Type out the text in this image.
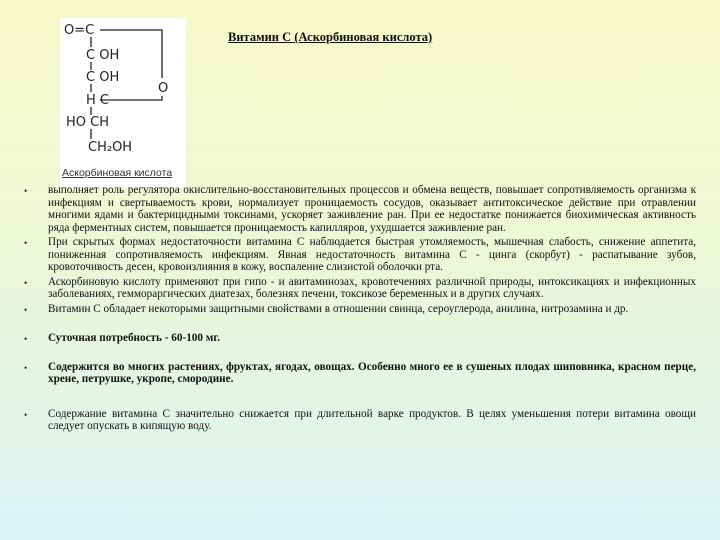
O=C
C OH
C OH
H C
HO CH
CH₂OH
O
Аскорбиновая кислота
Витамин С (Аскорбиновая кислота)
• выполняет роль регулятора окислительно-восстановительных процессов и обмена веществ, повышает сопротивляемость организма к инфекциям и свертываемость крови, нормализует проницаемость сосудов, оказывает антитоксическое действие при отравлении многими ядами и бактерицидными токсинами, ускоряет заживление ран. При ее недостатке понижается биохимическая активность ряда ферментных систем, повышается проницаемость капилляров, ухудшается заживление ран.
• При скрытых формах недостаточности витамина С наблюдается быстрая утомляемость, мышечная слабость, снижение аппетита, пониженная сопротивляемость инфекциям. Явная недостаточность витамина С - цинга (скорбут) - распатывание зубов, кровоточивость десен, кровоизлияния в кожу, воспаление слизистой оболочки рта.
• Аскорбиновую кислоту применяют при гипо - и авитаминозах, кровотечениях различной природы, интоксикациях и инфекционных заболеваниях, геммораргических диатезах, болезнях печени, токсикозе беременных и в других случаях.
• Витамин С обладает некоторыми защитными свойствами в отношении свинца, сероуглерода, анилина, нитрозамина и др.
• Суточная потребность - 60-100 мг.
• Содержится во многих растениях, фруктах, ягодах, овощах. Особенно много ее в сушеных плодах шиповника, красном перце, хрене, петрушке, укропе, смородине.
• Содержание витамина С значительно снижается при длительной варке продуктов. В целях уменьшения потери витамина овощи следует опускать в кипящую воду.
